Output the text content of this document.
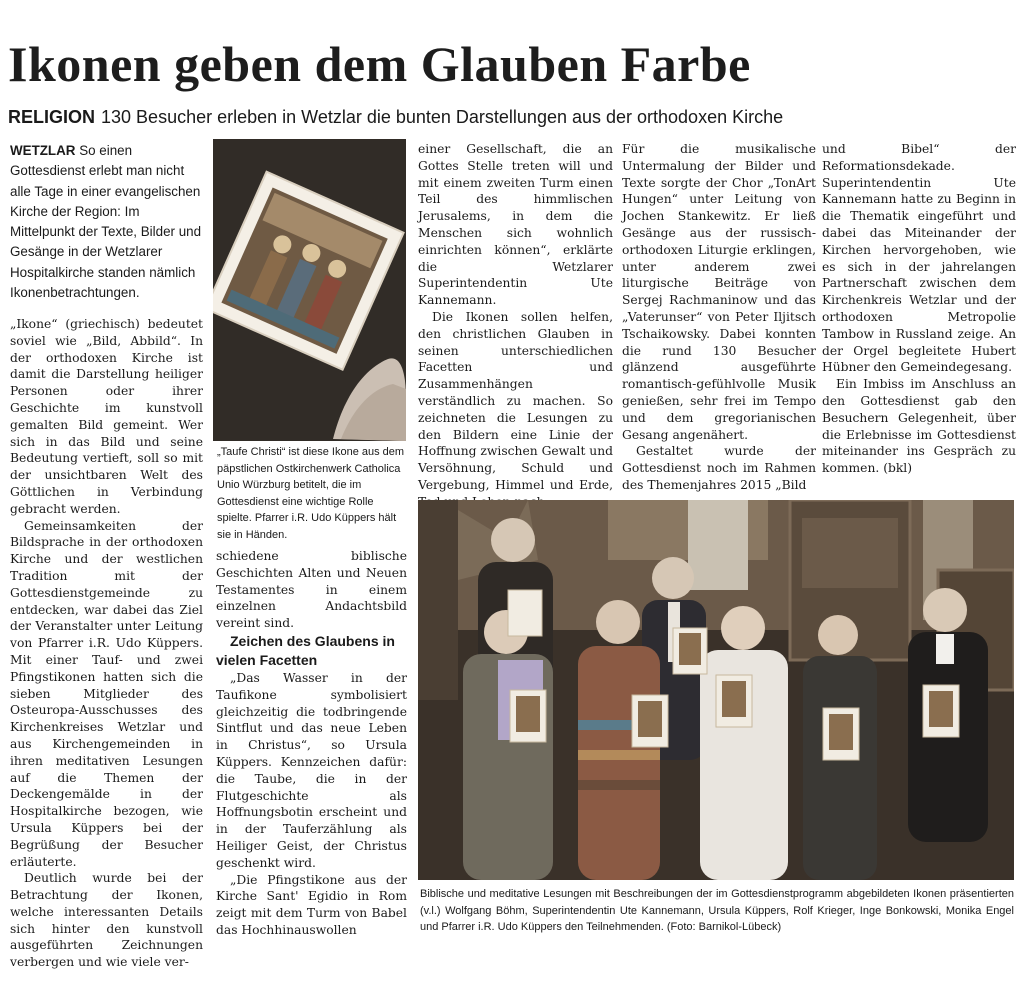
Ikonen geben dem Glauben Farbe
RELIGION 130 Besucher erleben in Wetzlar die bunten Darstellungen aus der orthodoxen Kirche

WETZLAR So einen Gottesdienst erlebt man nicht alle Tage in einer evangelischen Kirche der Region: Im Mittelpunkt der Texte, Bilder und Gesänge in der Wetzlarer Hospitalkirche standen nämlich Ikonenbetrachtungen.

„Ikone“ (griechisch) bedeutet soviel wie „Bild, Abbild“. In der orthodoxen Kirche ist damit die Darstellung heiliger Personen oder ihrer Geschichte im kunstvoll gemalten Bild gemeint. Wer sich in das Bild und seine Bedeutung vertieft, soll so mit der unsichtbaren Welt des Göttlichen in Verbindung gebracht werden.

Gemeinsamkeiten der Bildsprache in der orthodoxen Kirche und der westlichen Tradition mit der Gottesdienstgemeinde zu entdecken, war dabei das Ziel der Veranstalter unter Leitung von Pfarrer i.R. Udo Küppers. Mit einer Tauf- und zwei Pfingstikonen hatten sich die sieben Mitglieder des Osteuropa-Ausschusses des Kirchenkreises Wetzlar und aus Kirchengemeinden in ihren meditativen Lesungen auf die Themen der Deckengemälde in der Hospitalkirche bezogen, wie Ursula Küppers bei der Begrüßung der Besucher erläuterte.

Deutlich wurde bei der Betrachtung der Ikonen, welche interessanten Details sich hinter den kunstvoll ausgeführten Zeichnungen verbergen und wie viele ver-

„Taufe Christi“ ist diese Ikone aus dem päpstlichen Ostkirchenwerk Catholica Unio Würzburg betitelt, die im Gottesdienst eine wichtige Rolle spielte. Pfarrer i.R. Udo Küppers hält sie in Händen.

schiedene biblische Geschichten Alten und Neuen Testamentes in einem einzelnen Andachtsbild vereint sind.

Zeichen des Glaubens in vielen Facetten

„Das Wasser in der Taufikone symbolisiert gleichzeitig die todbringende Sintflut und das neue Leben in Christus“, so Ursula Küppers. Kennzeichen dafür: die Taube, die in der Flutgeschichte als Hoffnungsbotin erscheint und in der Tauferzählung als Heiliger Geist, der Christus geschenkt wird.

„Die Pfingstikone aus der Kirche Sant' Egidio in Rom zeigt mit dem Turm von Babel das Hochhinauswollen

einer Gesellschaft, die an Gottes Stelle treten will und mit einem zweiten Turm einen Teil des himmlischen Jerusalems, in dem die Menschen sich wohnlich einrichten können“, erklärte die Wetzlarer Superintendentin Ute Kannemann.

Die Ikonen sollen helfen, den christlichen Glauben in seinen unterschiedlichen Facetten und Zusammenhängen verständlich zu machen. So zeichneten die Lesungen zu den Bildern eine Linie der Hoffnung zwischen Gewalt und Versöhnung, Schuld und Vergebung, Himmel und Erde,

Für die musikalische Untermalung der Bilder und Texte sorgte der Chor „TonArt Hungen“ unter Leitung von Jochen Stankewitz. Er ließ Gesänge aus der russisch-orthodoxen Liturgie erklingen, unter anderem zwei liturgische Beiträge von Sergej Rachmaninow und das „Vaterunser“ von Peter Iljitsch Tschaikowsky. Dabei konnten die rund 130 Besucher glänzend ausgeführte romantisch-gefühlvolle Musik genießen, sehr frei im Tempo und dem gregorianischen Gesang angenähert.

Gestaltet wurde der Gottesdienst noch im Rahmen des Themenjahres 2015 „Bild

und Bibel“ der Reformationsdekade. Superintendentin Ute Kannemann hatte zu Beginn in die Thematik eingeführt und dabei das Miteinander der Kirchen hervorgehoben, wie es sich in der jahrelangen Partnerschaft zwischen dem Kirchenkreis Wetzlar und der orthodoxen Metropolie Tambow in Russland zeige. An der Orgel begleitete Hubert Hübner den Gemeindegesang.

Ein Imbiss im Anschluss an den Gottesdienst gab den Besuchern Gelegenheit, über die Erlebnisse im Gottesdienst miteinander ins Gespräch zu kommen. (bkl)

Biblische und meditative Lesungen mit Beschreibungen der im Gottesdienstprogramm abgebildeten Ikonen präsentierten (v.l.) Wolfgang Böhm, Superintendentin Ute Kannemann, Ursula Küppers, Rolf Krieger, Inge Bonkowski, Monika Engel und Pfarrer i.R. Udo Küppers den Teilnehmenden. (Foto: Barnikol-Lübeck)
